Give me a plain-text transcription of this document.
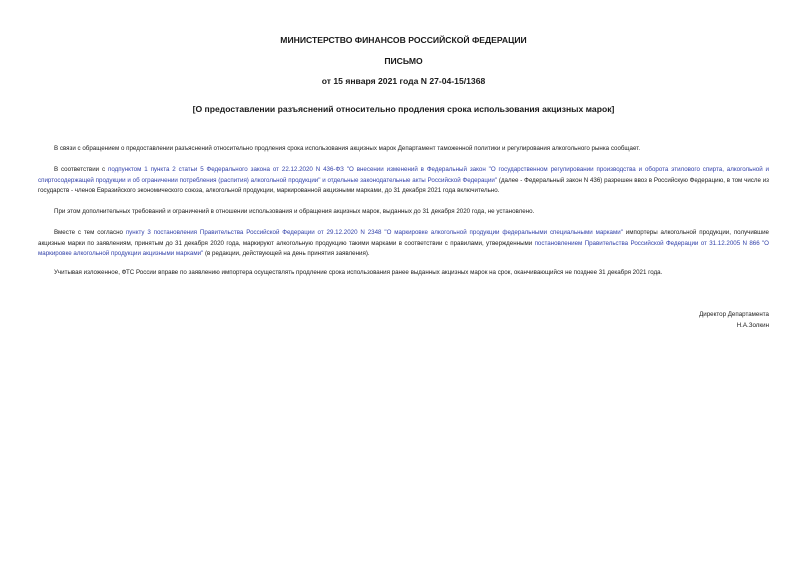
МИНИСТЕРСТВО ФИНАНСОВ РОССИЙСКОЙ ФЕДЕРАЦИИ
ПИСЬМО
от 15 января 2021 года N 27-04-15/1368
[О предоставлении разъяснений относительно продления срока использования акцизных марок]
В связи с обращением о предоставлении разъяснений относительно продления срока использования акцизных марок Департамент таможенной политики и регулирования алкогольного рынка сообщает.
В соответствии с подпунктом 1 пункта 2 статьи 5 Федерального закона от 22.12.2020 N 436-ФЗ "О внесении изменений в Федеральный закон "О государственном регулировании производства и оборота этилового спирта, алкогольной и спиртосодержащей продукции и об ограничении потребления (распития) алкогольной продукции" и отдельные законодательные акты Российской Федерации" (далее - Федеральный закон N 436) разрешен ввоз в Российскую Федерацию, в том числе из государств - членов Евразийского экономического союза, алкогольной продукции, маркированной акцизными марками, до 31 декабря 2021 года включительно.
При этом дополнительных требований и ограничений в отношении использования и обращения акцизных марок, выданных до 31 декабря 2020 года, не установлено.
Вместе с тем согласно пункту 3 постановления Правительства Российской Федерации от 29.12.2020 N 2348 "О маркировке алкогольной продукции федеральными специальными марками" импортеры алкогольной продукции, получившие акцизные марки по заявлениям, принятым до 31 декабря 2020 года, маркируют алкогольную продукцию такими марками в соответствии с правилами, утвержденными постановлением Правительства Российской Федерации от 31.12.2005 N 866 "О маркировке алкогольной продукции акцизными марками" (в редакции, действующей на день принятия заявления).
Учитывая изложенное, ФТС России вправе по заявлению импортера осуществлять продление срока использования ранее выданных акцизных марок на срок, оканчивающийся не позднее 31 декабря 2021 года.
Директор Департамента
Н.А.Золкин
